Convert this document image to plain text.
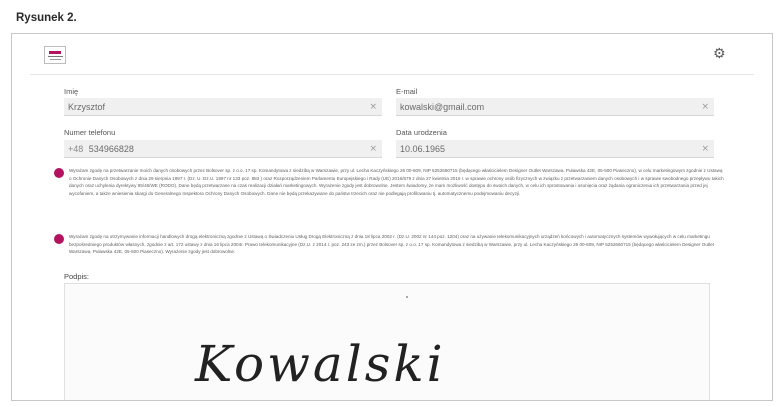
Rysunek 2.
⚙
Imię
Krzysztof	×
E-mail
kowalski@gmail.com	×
Numer telefonu
+48 534966828	×
Data urodzenia
10.06.1965	×
Wyrażam zgodę na przetwarzanie moich danych osobowych przez Bolsover sp. z o.o. 17 sp. Komandytowa z siedzibą w Warszawie, przy ul. Lecha Kaczyńskiego 26 00-609, NIP 5252660715 (będącego właścicielem Designer Outlet Warszawa, Puławska 42E, 05-500 Piaseczno), w celu marketingowym zgodnie z Ustawą o Ochronie Danych Osobowych z dnia 29 sierpnia 1997 r. (Dz. U. Dz.U. 1997 nr 133 poz. 883 ) oraz Rozporządzeniem Parlamentu Europejskiego i Rady (UE) 2016/679 z dnia 27 kwietnia 2016 r. w sprawie ochrony osób fizycznych w związku z przetwarzaniem danych osobowych i w sprawie swobodnego przepływu takich danych oraz uchylenia dyrektywy 95/46/WE (RODO). Dane będą przetwarzane na czas realizacji działań marketingowych. Wyrażenie zgody jest dobrowolne. Jestem świadomy, że mam możliwość dostępu do swoich danych, w celu ich sprostowania i usunięcia oraz żądania ograniczenia ich przetwarzania przed jej wycofaniem, a także wniesienia skargi do Generalnego Inspektora Ochrony Danych Osobowych. Dane nie będą przekazywane do państw trzecich oraz nie podlegają profilowaniu tj. automatycznemu podejmowaniu decyzji.
Wyrażam zgodę na otrzymywanie informacji handlowych drogą elektroniczną zgodnie z Ustawą o Świadczeniu Usług Drogą Elektroniczną z dnia 18 lipca 2002 r. (Dz.U. 2002 nr 144 poz. 1204) oraz na używanie telekomunikacyjnych urządzeń końcowych i automatycznych systemów wywołujących w celu marketingu bezpośredniego produktów własnych, zgodnie z art. 172 ustawy z dnia 16 lipca 2004r. Prawo telekomunikacyjne (Dz.U. z 2014 r. poz. 243 ze zm.) przez Bolsover sp. z o.o. 17 sp. Komandytowa z siedzibą w Warszawie, przy ul. Lecha Kaczyńskiego 26 00-609, NIP 5252660715 (będącego właścicielem Designer Outlet Warszawa, Puławska 42E, 05-500 Piaseczno). Wyrażenie zgody jest dobrowolne.
Podpis:
Kowalski
